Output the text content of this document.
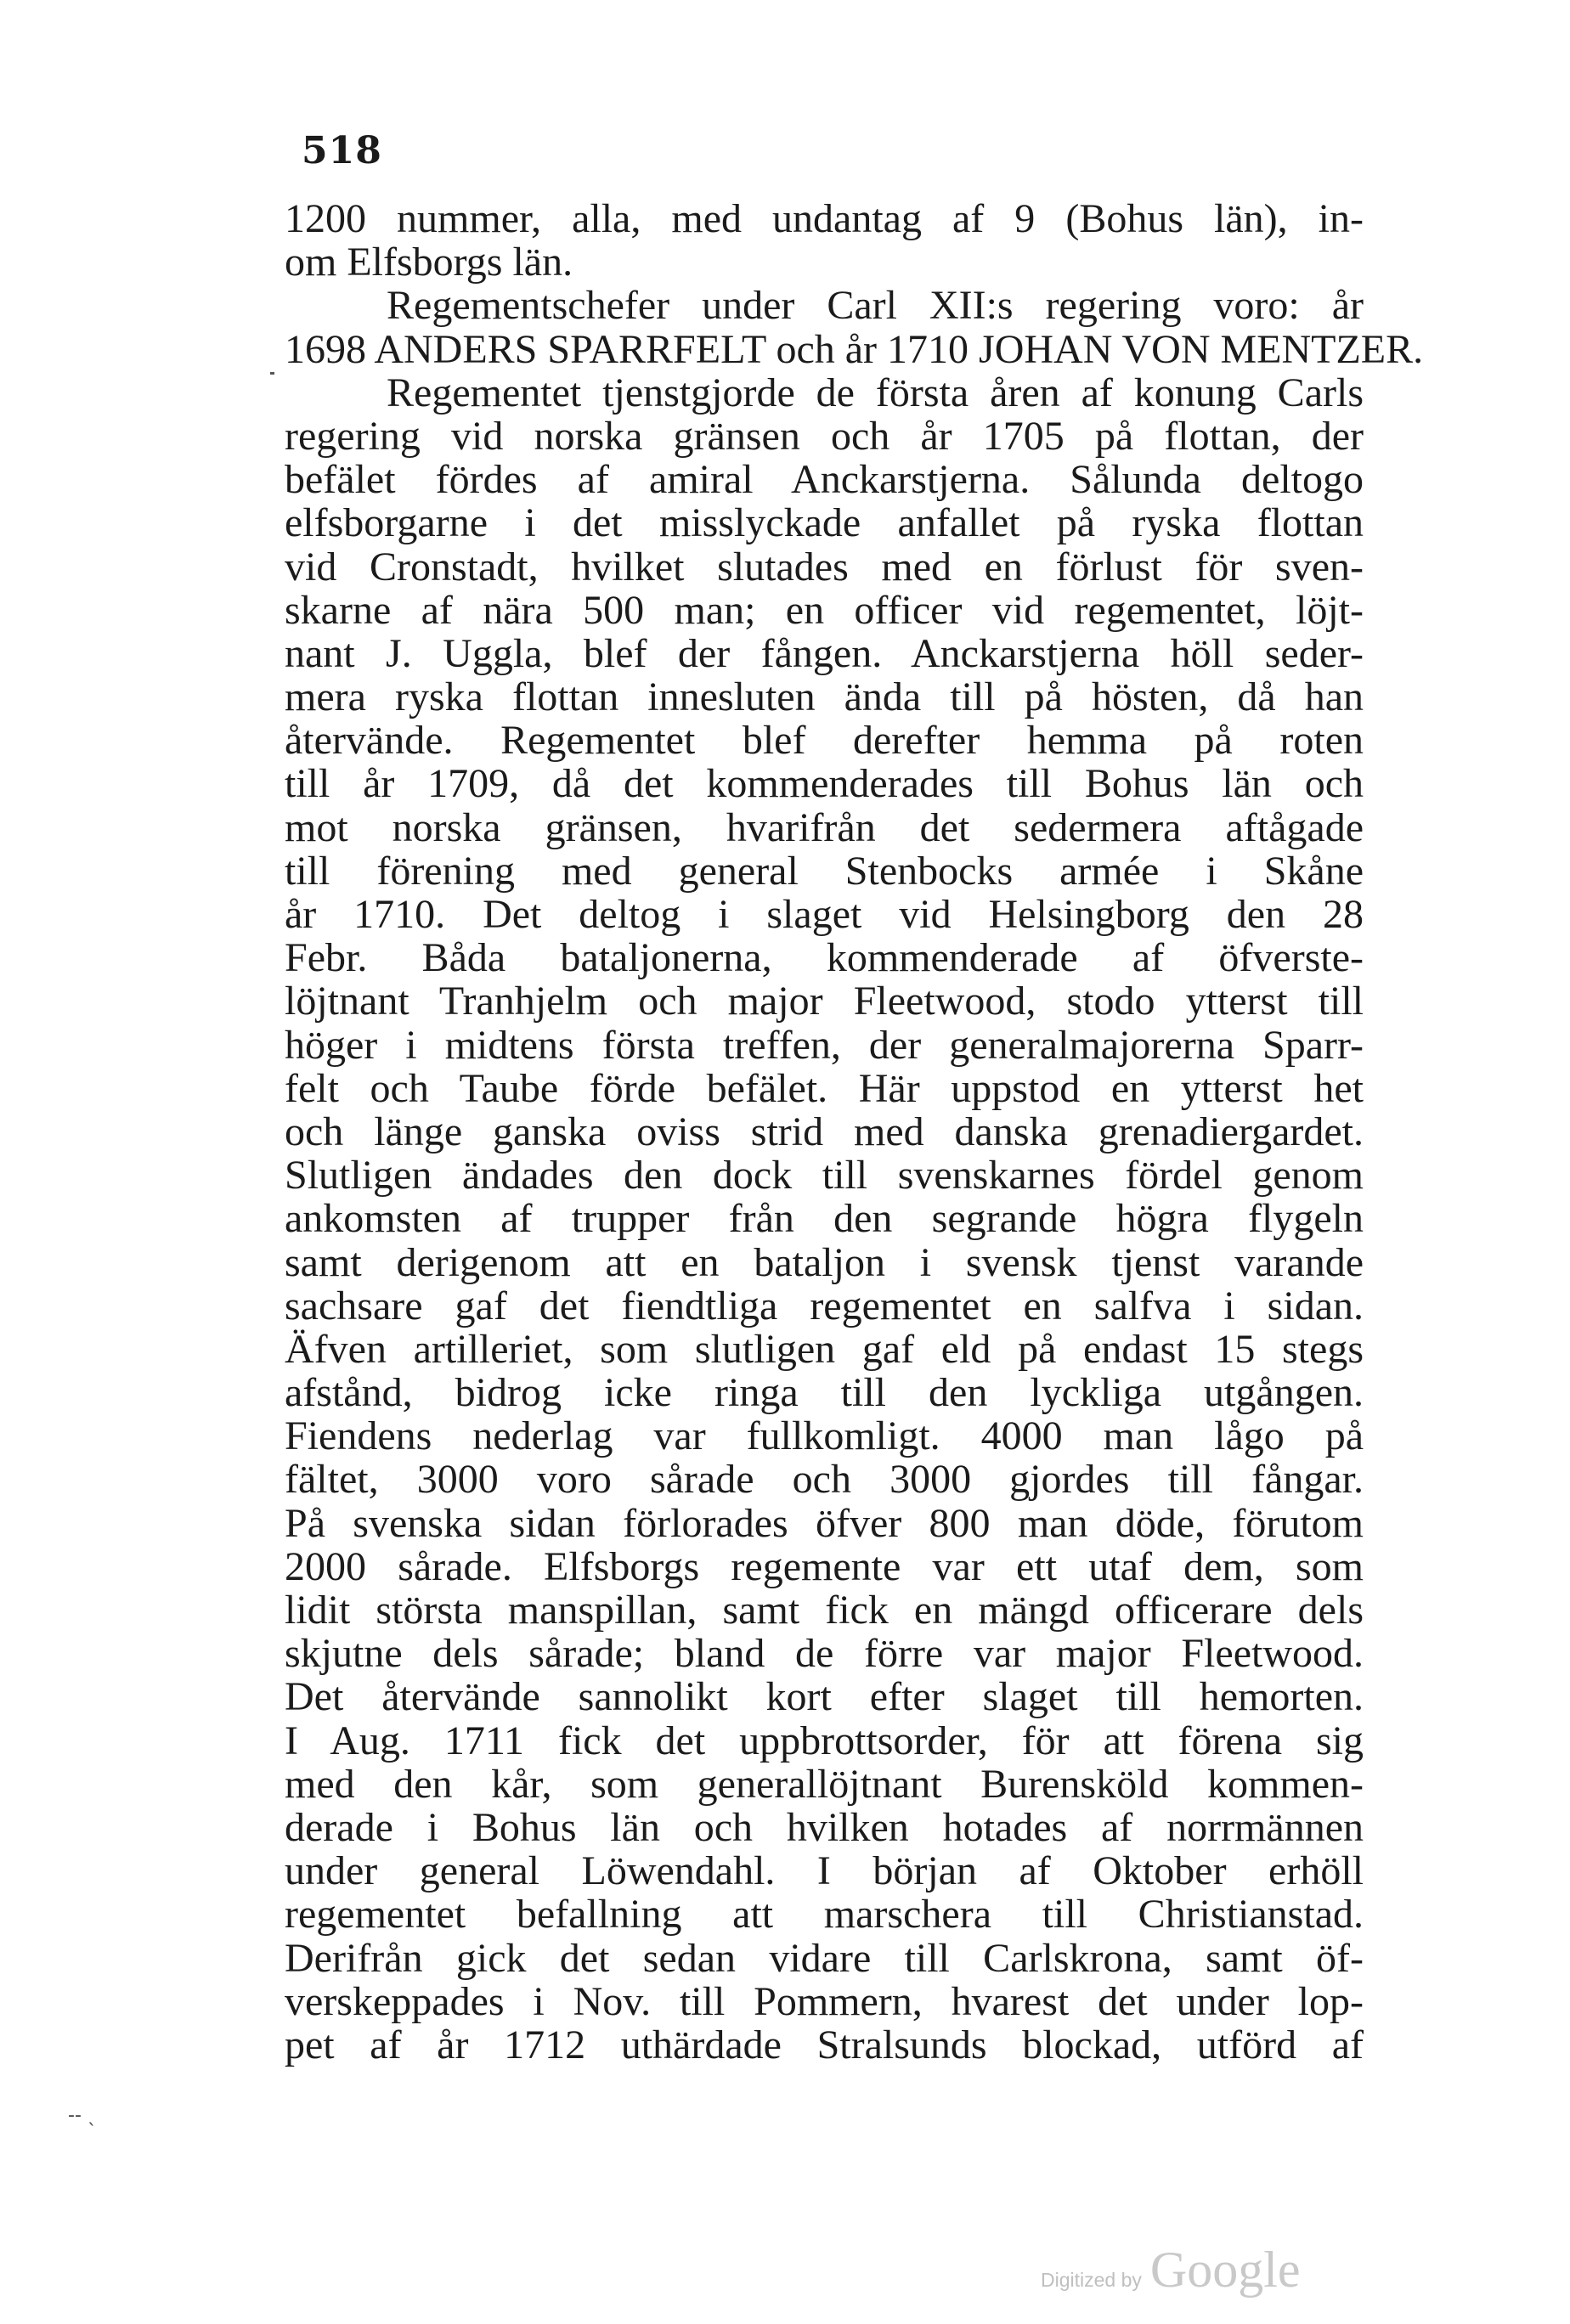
518
1200 nummer, alla, med undantag af 9 (Bohus län), in-
om Elfsborgs län.
Regementschefer under Carl XII:s regering voro: år
1698 ANDERS SPARRFELT och år 1710 JOHAN VON MENTZER.
Regementet tjenstgjorde de första åren af konung Carls
regering vid norska gränsen och år 1705 på flottan, der
befälet fördes af amiral Anckarstjerna. Sålunda deltogo
elfsborgarne i det misslyckade anfallet på ryska flottan
vid Cronstadt, hvilket slutades med en förlust för sven-
skarne af nära 500 man; en officer vid regementet, löjt-
nant J. Uggla, blef der fången. Anckarstjerna höll seder-
mera ryska flottan innesluten ända till på hösten, då han
återvände. Regementet blef derefter hemma på roten
till år 1709, då det kommenderades till Bohus län och
mot norska gränsen, hvarifrån det sedermera aftågade
till förening med general Stenbocks armée i Skåne
år 1710. Det deltog i slaget vid Helsingborg den 28
Febr. Båda bataljonerna, kommenderade af öfverste-
löjtnant Tranhjelm och major Fleetwood, stodo ytterst till
höger i midtens första treffen, der generalmajorerna Sparr-
felt och Taube förde befälet. Här uppstod en ytterst het
och länge ganska oviss strid med danska grenadiergardet.
Slutligen ändades den dock till svenskarnes fördel genom
ankomsten af trupper från den segrande högra flygeln
samt derigenom att en bataljon i svensk tjenst varande
sachsare gaf det fiendtliga regementet en salfva i sidan.
Äfven artilleriet, som slutligen gaf eld på endast 15 stegs
afstånd, bidrog icke ringa till den lyckliga utgången.
Fiendens nederlag var fullkomligt. 4000 man lågo på
fältet, 3000 voro sårade och 3000 gjordes till fångar.
På svenska sidan förlorades öfver 800 man döde, förutom
2000 sårade. Elfsborgs regemente var ett utaf dem, som
lidit största manspillan, samt fick en mängd officerare dels
skjutne dels sårade; bland de förre var major Fleetwood.
Det återvände sannolikt kort efter slaget till hemorten.
I Aug. 1711 fick det uppbrottsorder, för att förena sig
med den kår, som generallöjtnant Burensköld kommen-
derade i Bohus län och hvilken hotades af norrmännen
under general Löwendahl. I början af Oktober erhöll
regementet befallning att marschera till Christianstad.
Derifrån gick det sedan vidare till Carlskrona, samt öf-
verskeppades i Nov. till Pommern, hvarest det under lop-
pet af år 1712 uthärdade Stralsunds blockad, utförd af
‑‑ ˎ
Digitized by Google
